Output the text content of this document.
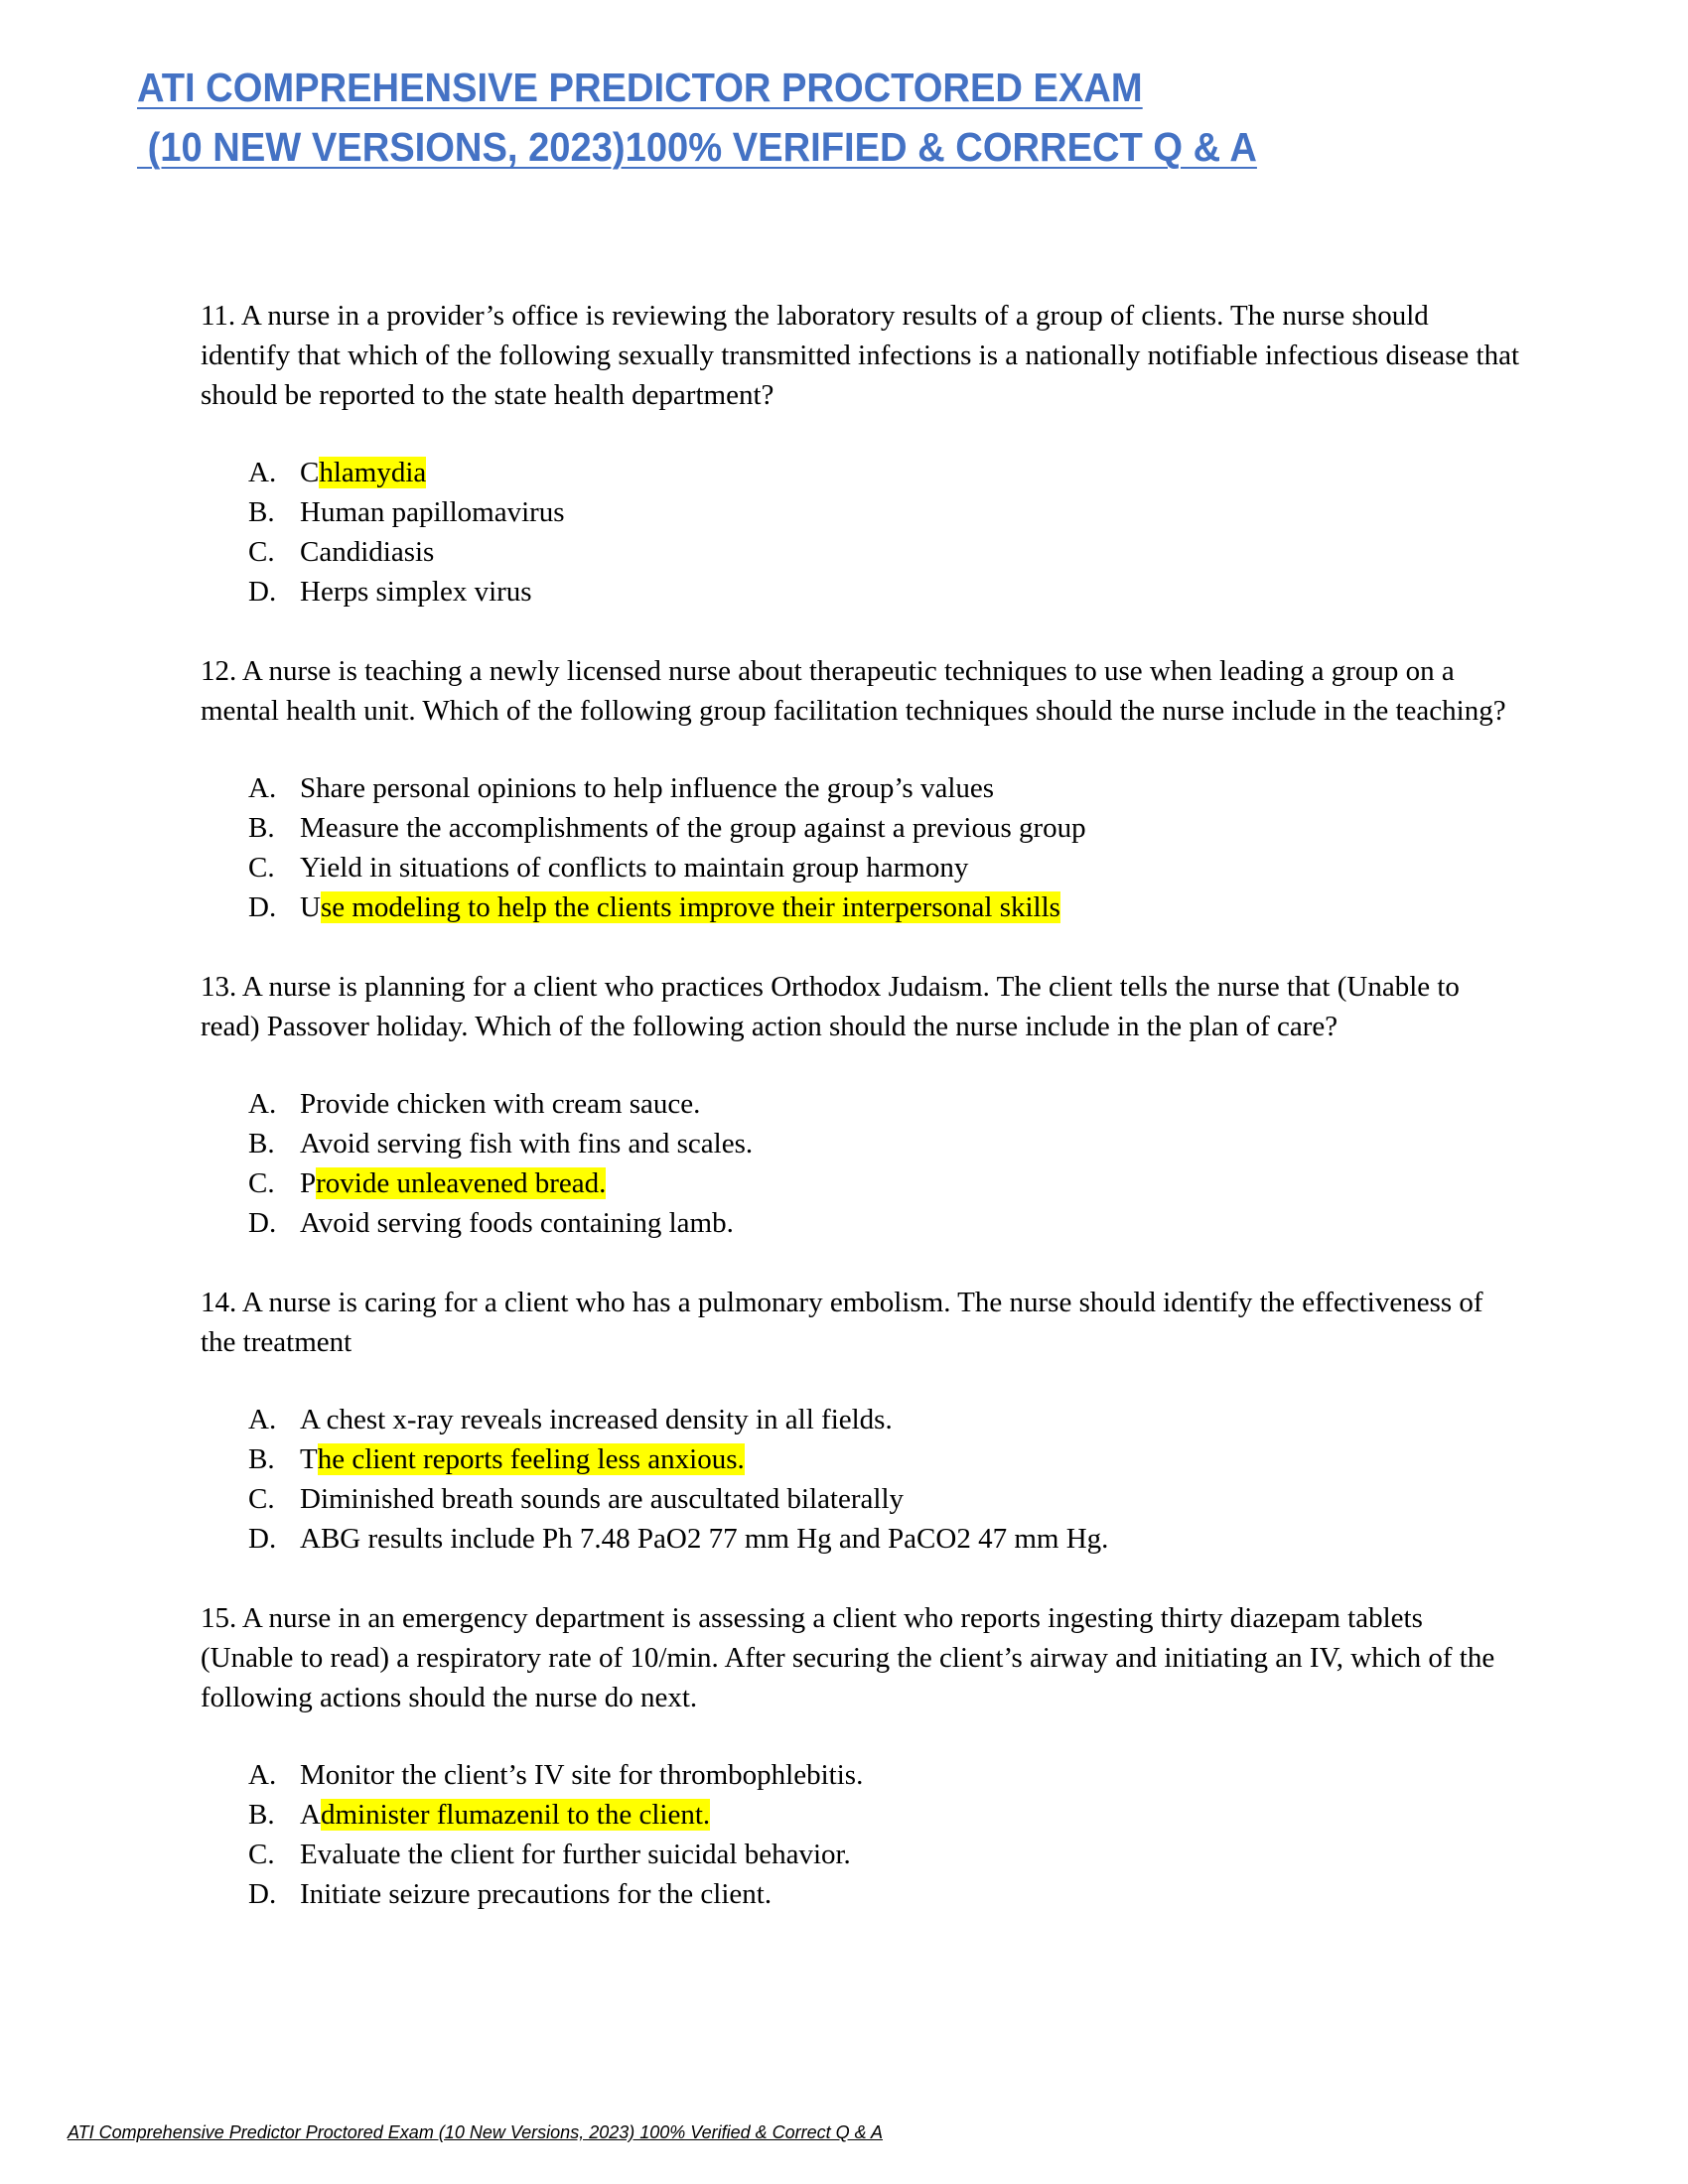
ATI COMPREHENSIVE PREDICTOR PROCTORED EXAM
(10 NEW VERSIONS, 2023)100% VERIFIED & CORRECT Q & A

11. A nurse in a provider’s office is reviewing the laboratory results of a group of clients. The nurse should identify that which of the following sexually transmitted infections is a nationally notifiable infectious disease that should be reported to the state health department?

A. Chlamydia
B. Human papillomavirus
C. Candidiasis
D. Herps simplex virus

12. A nurse is teaching a newly licensed nurse about therapeutic techniques to use when leading a group on a mental health unit. Which of the following group facilitation techniques should the nurse include in the teaching?

A. Share personal opinions to help influence the group’s values
B. Measure the accomplishments of the group against a previous group
C. Yield in situations of conflicts to maintain group harmony
D. Use modeling to help the clients improve their interpersonal skills

13. A nurse is planning for a client who practices Orthodox Judaism. The client tells the nurse that (Unable to read) Passover holiday. Which of the following action should the nurse include in the plan of care?

A. Provide chicken with cream sauce.
B. Avoid serving fish with fins and scales.
C. Provide unleavened bread.
D. Avoid serving foods containing lamb.

14. A nurse is caring for a client who has a pulmonary embolism. The nurse should identify the effectiveness of the treatment

A. A chest x-ray reveals increased density in all fields.
B. The client reports feeling less anxious.
C. Diminished breath sounds are auscultated bilaterally
D. ABG results include Ph 7.48 PaO2 77 mm Hg and PaCO2 47 mm Hg.

15. A nurse in an emergency department is assessing a client who reports ingesting thirty diazepam tablets (Unable to read) a respiratory rate of 10/min. After securing the client’s airway and initiating an IV, which of the following actions should the nurse do next.

A. Monitor the client’s IV site for thrombophlebitis.
B. Administer flumazenil to the client.
C. Evaluate the client for further suicidal behavior.
D. Initiate seizure precautions for the client.
ATI Comprehensive Predictor Proctored Exam (10 New Versions, 2023) 100% Verified & Correct Q & A
